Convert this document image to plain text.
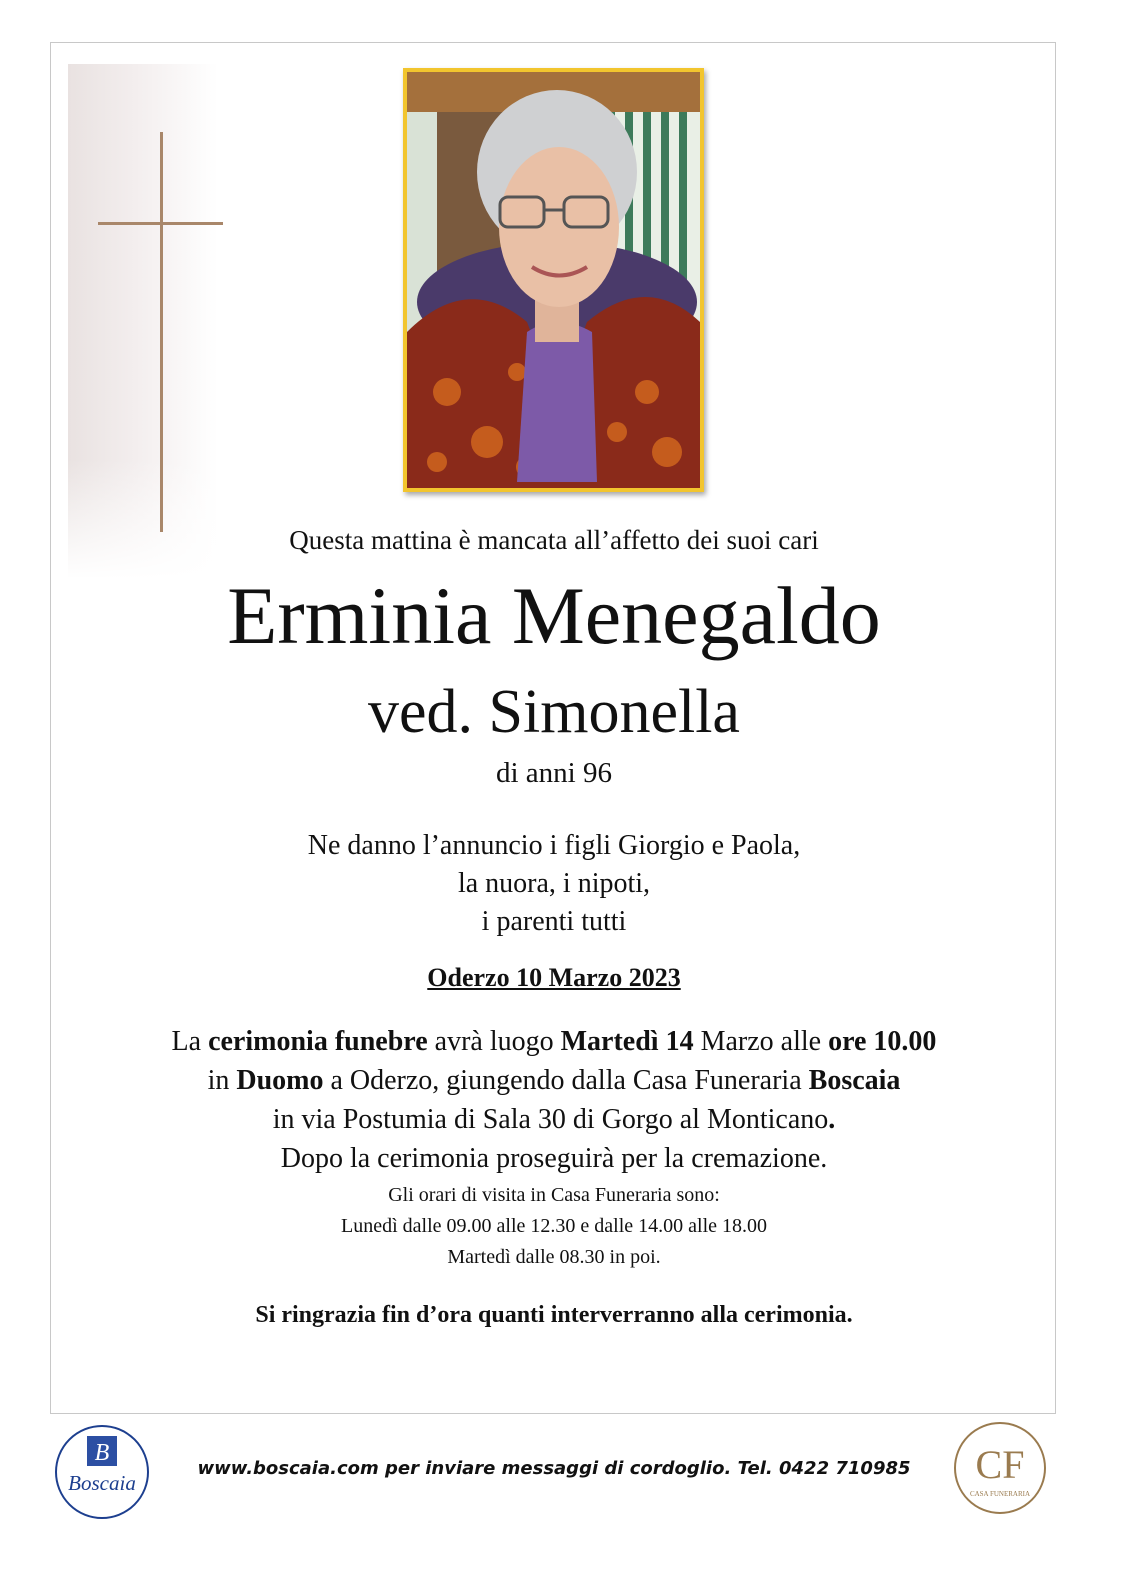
Questa mattina è mancata all’affetto dei suoi cari
Erminia Menegaldo
ved. Simonella
di anni 96
Ne danno l’annuncio i figli Giorgio e Paola,
la nuora, i nipoti,
i parenti tutti
Oderzo 10 Marzo 2023
La cerimonia funebre avrà luogo Martedì 14 Marzo alle ore 10.00
in Duomo a Oderzo, giungendo dalla Casa Funeraria Boscaia
in via Postumia di Sala 30 di Gorgo al Monticano.
Dopo la cerimonia proseguirà per la cremazione.
Gli orari di visita in Casa Funeraria sono:
Lunedì dalle 09.00 alle 12.30 e dalle 14.00 alle 18.00
Martedì dalle 08.30 in poi.
Si ringrazia fin d’ora quanti interverranno alla cerimonia.
B
Boscaia
www.boscaia.com per inviare messaggi di cordoglio. Tel. 0422 710985	CF
CASA FUNERARIA
